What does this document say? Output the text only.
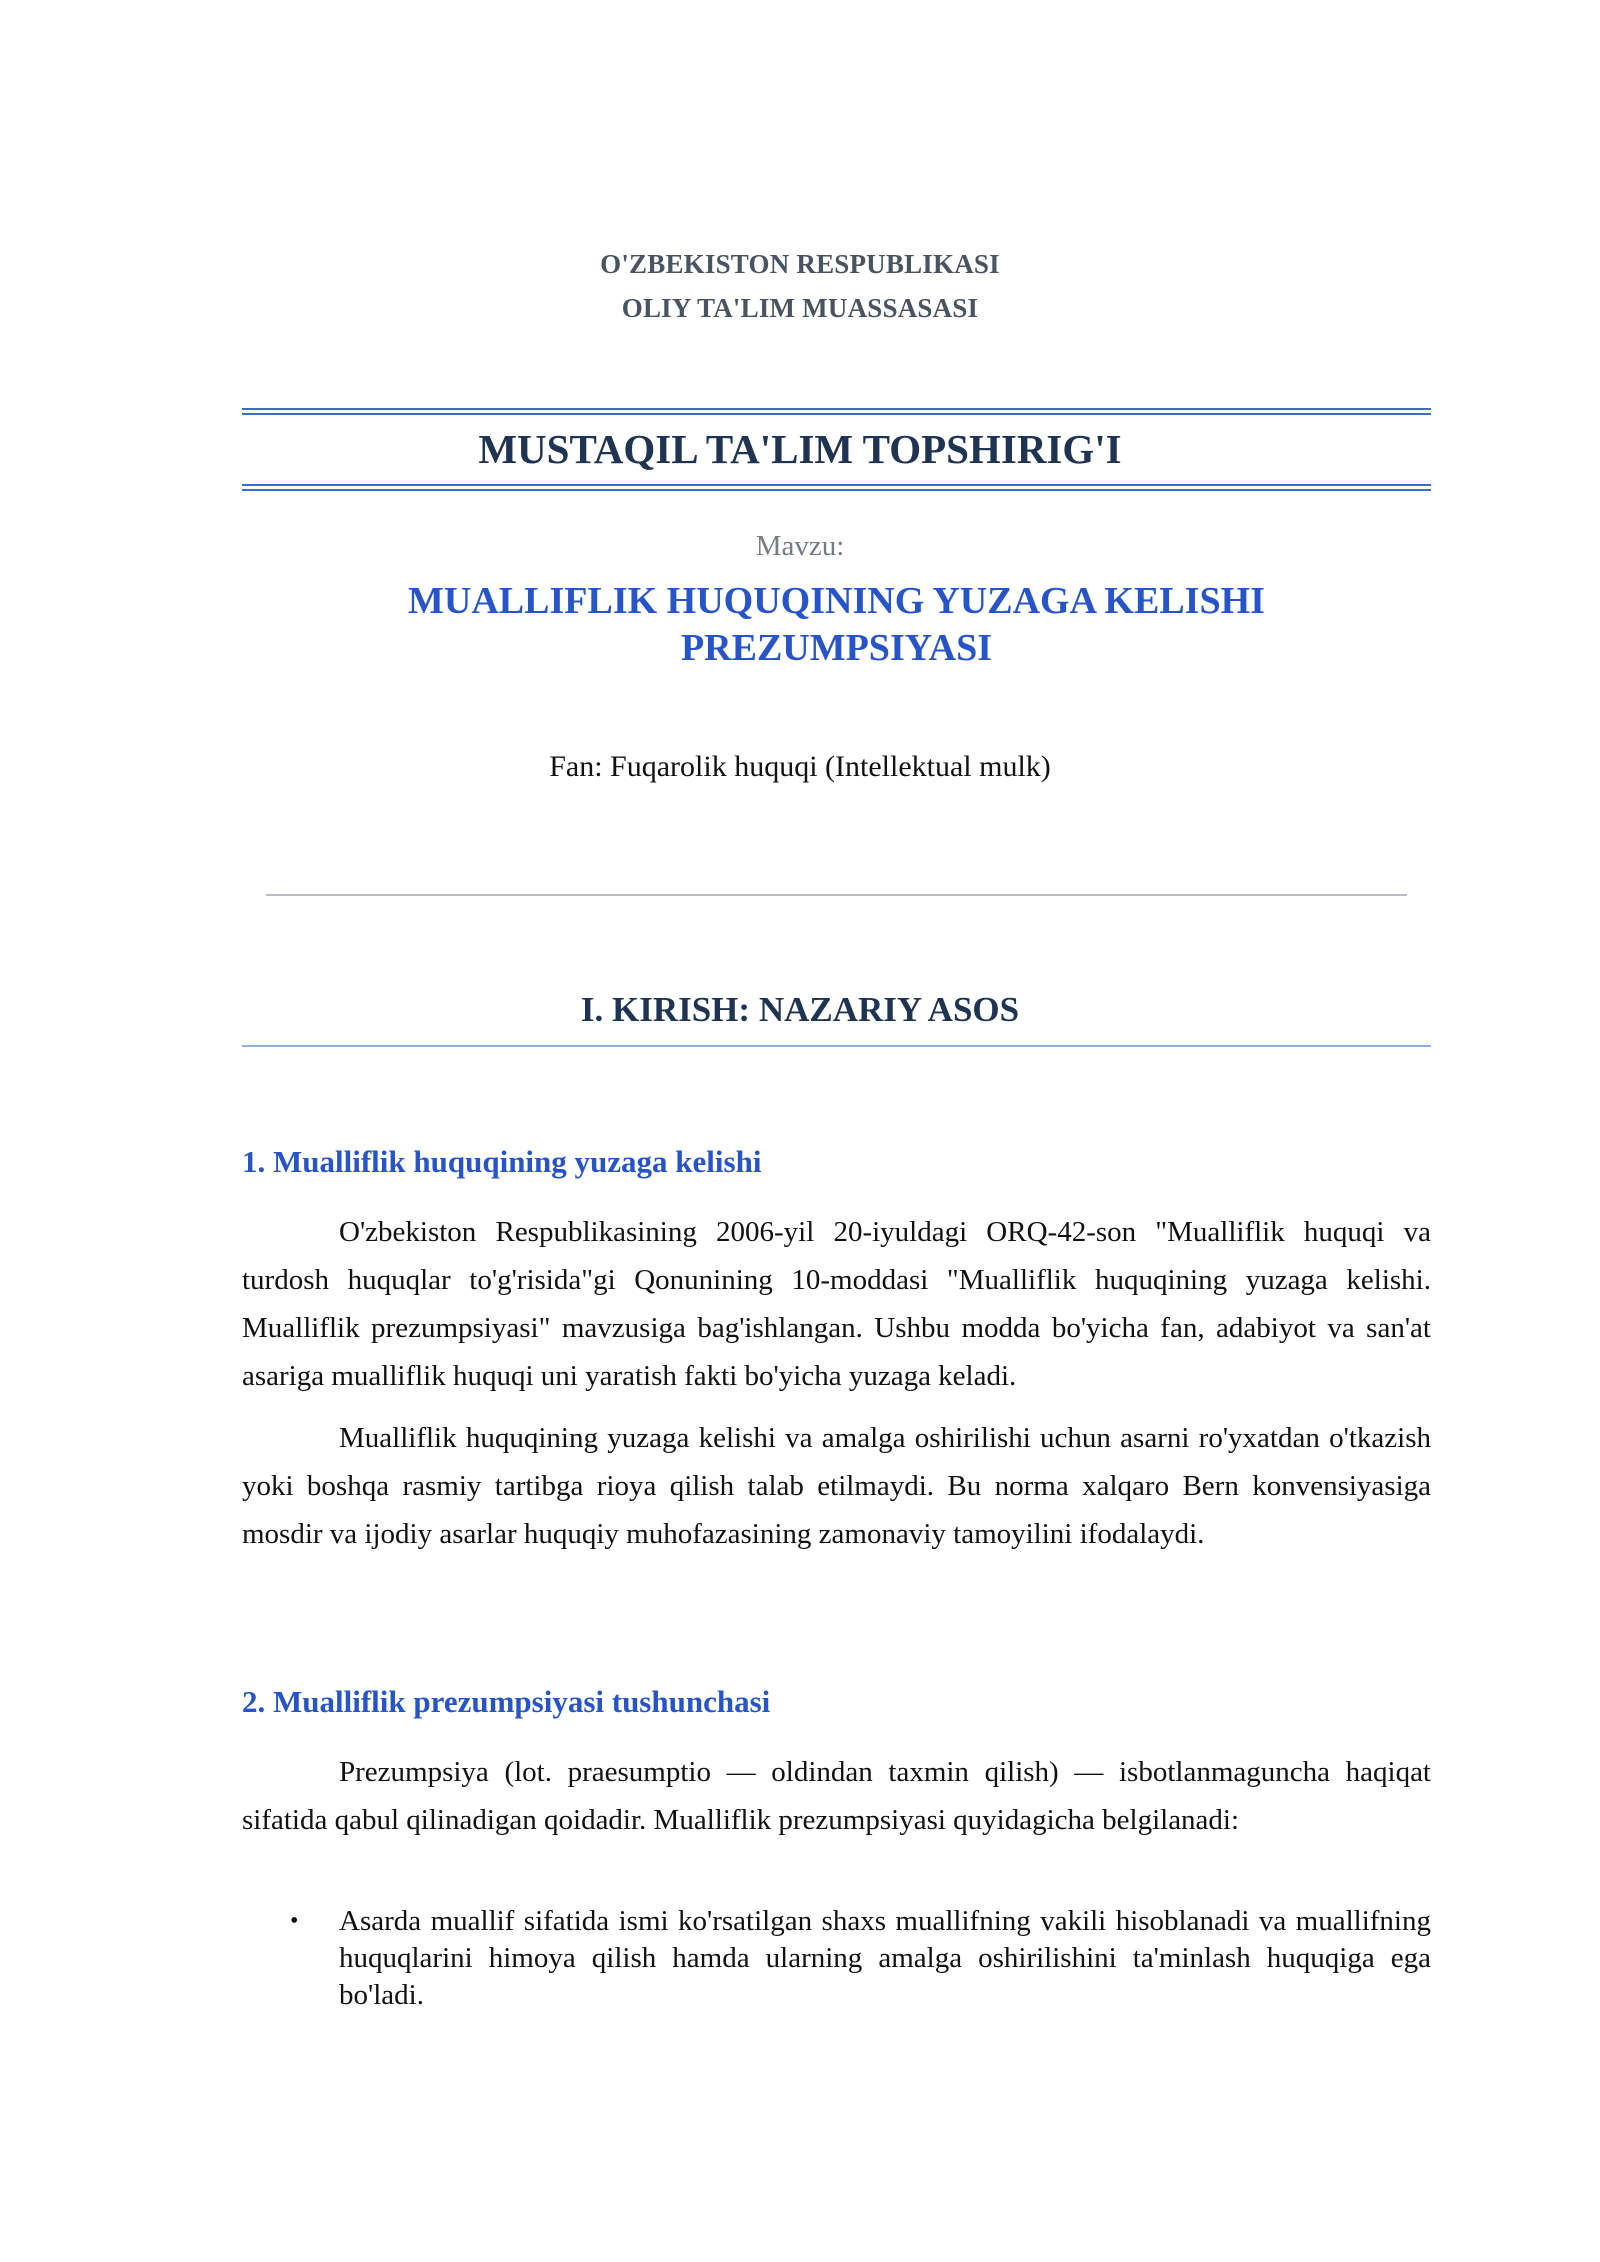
O'ZBEKISTON RESPUBLIKASI
OLIY TA'LIM MUASSASASI
MUSTAQIL TA'LIM TOPSHIRIG'I
Mavzu:
MUALLIFLIK HUQUQINING YUZAGA KELISHI
PREZUMPSIYASI
Fan: Fuqarolik huquqi (Intellektual mulk)
I. KIRISH: NAZARIY ASOS
1. Mualliflik huquqining yuzaga kelishi

O'zbekiston Respublikasining 2006-yil 20-iyuldagi ORQ-42-son "Mualliflik huquqi va turdosh huquqlar to'g'risida"gi Qonunining 10-moddasi "Mualliflik huquqining yuzaga kelishi. Mualliflik prezumpsiyasi" mavzusiga bag'ishlangan. Ushbu modda bo'yicha fan, adabiyot va san'at asariga mualliflik huquqi uni yaratish fakti bo'yicha yuzaga keladi.

Mualliflik huquqining yuzaga kelishi va amalga oshirilishi uchun asarni ro'yxatdan o'tkazish yoki boshqa rasmiy tartibga rioya qilish talab etilmaydi. Bu norma xalqaro Bern konvensiyasiga mosdir va ijodiy asarlar huquqiy muhofazasining zamonaviy tamoyilini ifodalaydi.

2. Mualliflik prezumpsiyasi tushunchasi

Prezumpsiya (lot. praesumptio — oldindan taxmin qilish) — isbotlanmaguncha haqiqat sifatida qabul qilinadigan qoidadir. Mualliflik prezumpsiyasi quyidagicha belgilanadi:

• Asarda muallif sifatida ismi ko'rsatilgan shaxs muallifning vakili hisoblanadi va muallifning huquqlarini himoya qilish hamda ularning amalga oshirilishini ta'minlash huquqiga ega bo'ladi.
